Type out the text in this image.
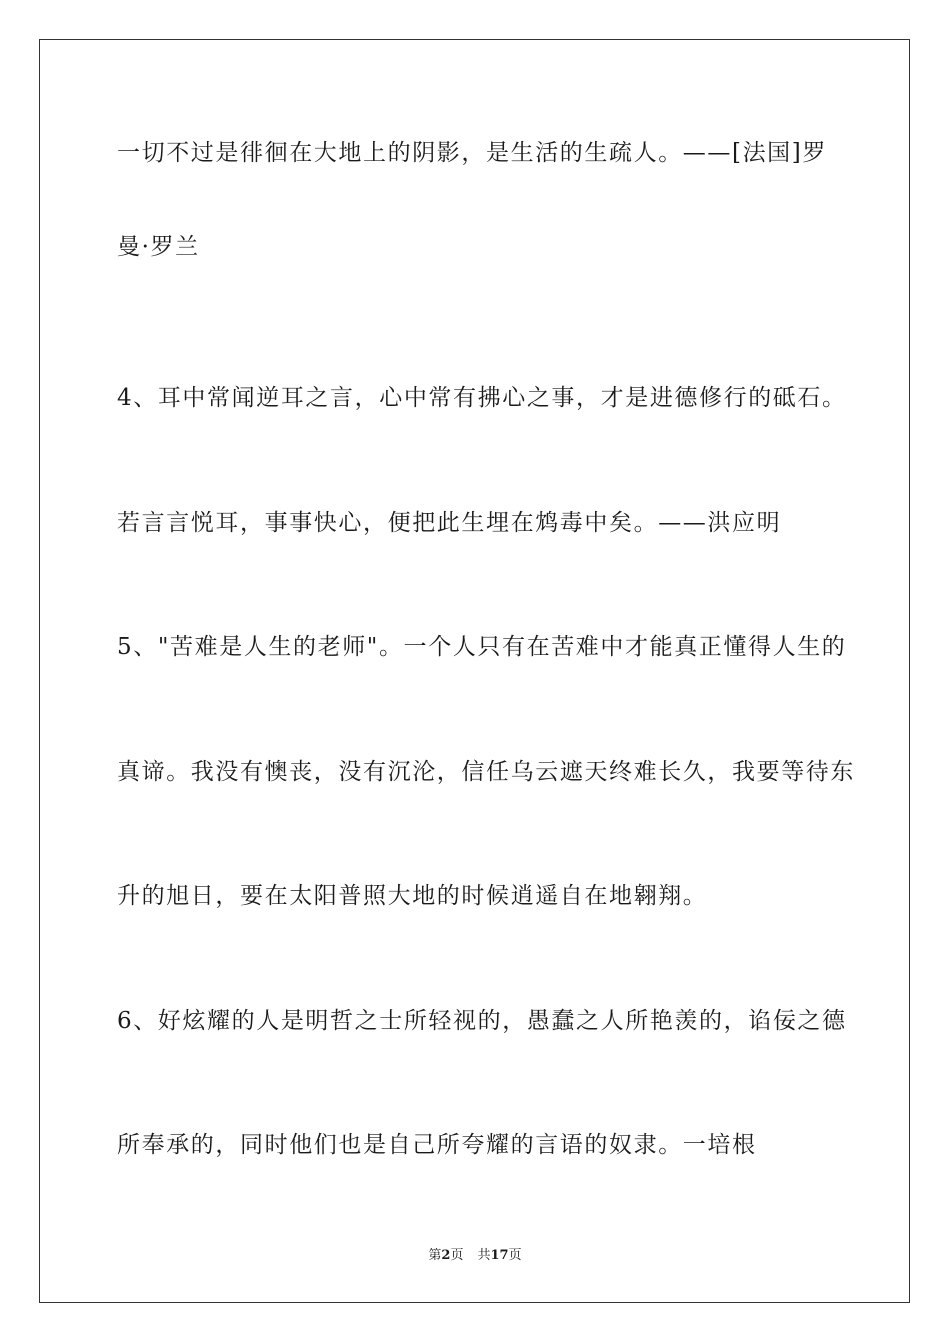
一切不过是徘徊在大地上的阴影，是生活的生疏人。——[法国]罗
曼·罗兰
4、耳中常闻逆耳之言，心中常有拂心之事，才是进德修行的砥石。
若言言悦耳，事事快心，便把此生埋在鸩毒中矣。——洪应明
5、"苦难是人生的老师"。一个人只有在苦难中才能真正懂得人生的
真谛。我没有懊丧，没有沉沦，信任乌云遮天终难长久，我要等待东
升的旭日，要在太阳普照大地的时候逍遥自在地翱翔。
6、好炫耀的人是明哲之士所轻视的，愚蠢之人所艳羡的，谄佞之德
所奉承的，同时他们也是自己所夸耀的言语的奴隶。一培根
第2页 共17页
